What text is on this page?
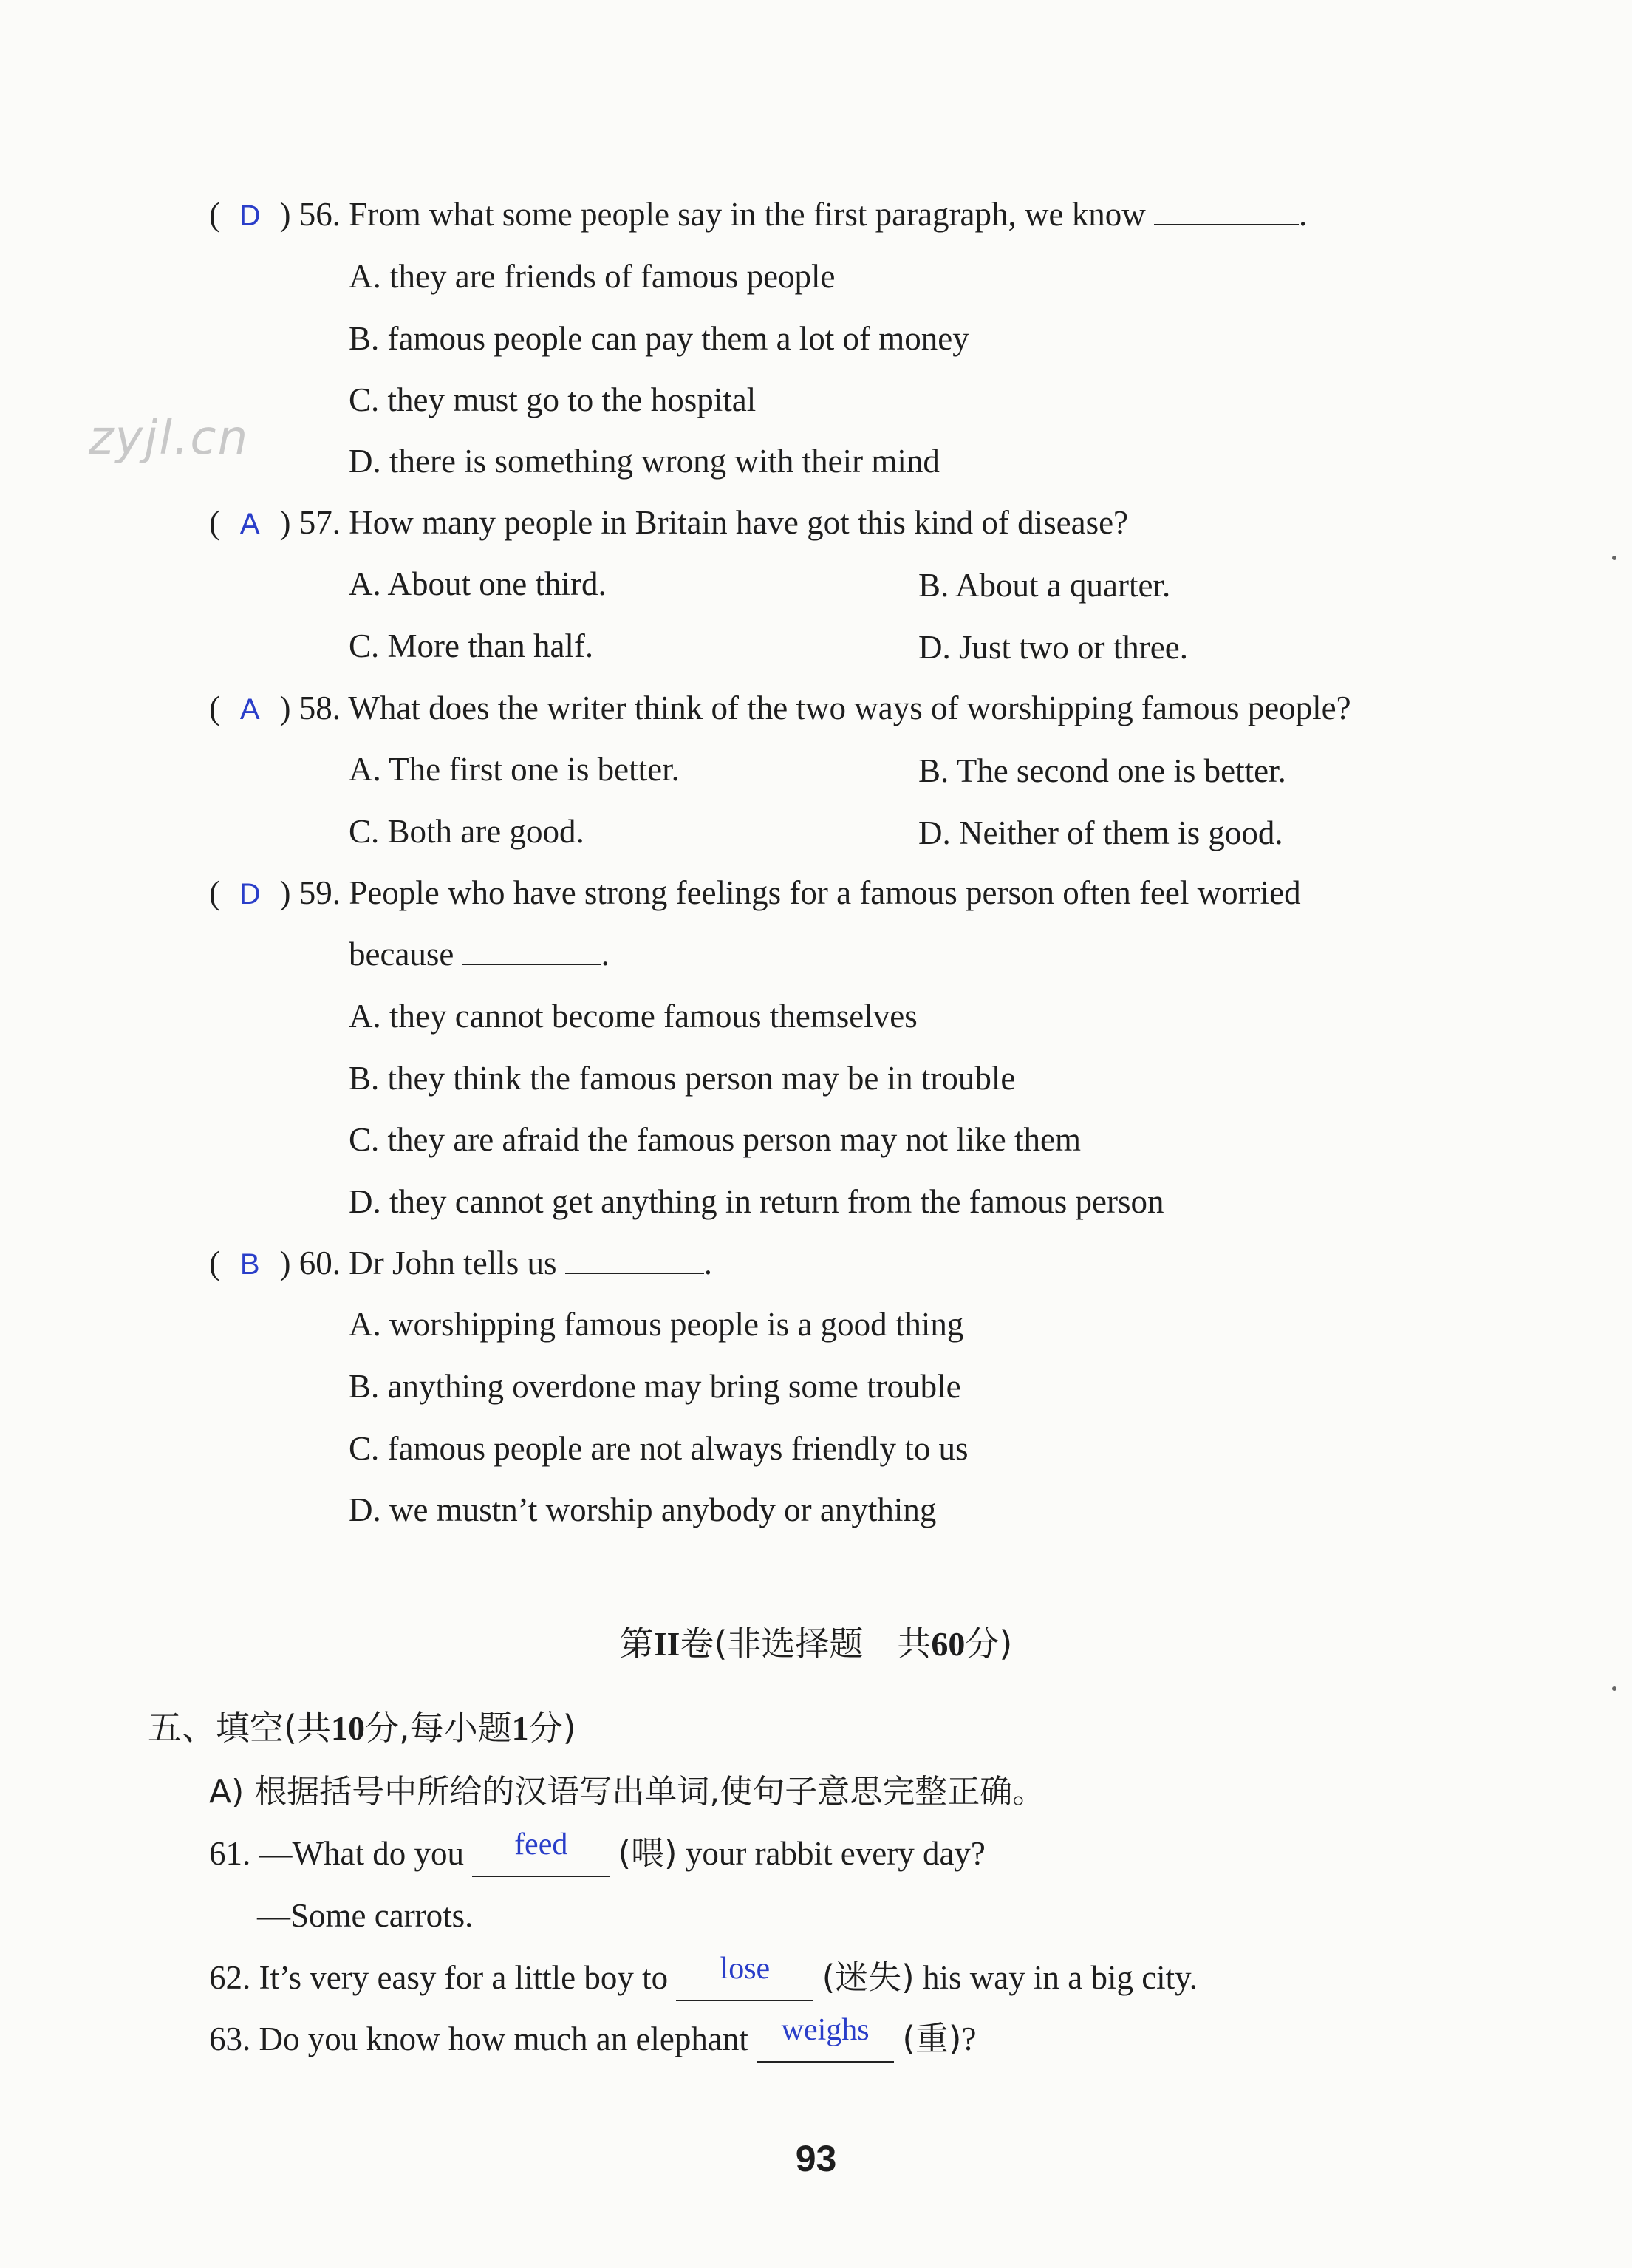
zyjl.cn
( D ) 56. From what some people say in the first paragraph, we know	.
A. they are friends of famous people
B. famous people can pay them a lot of money
C. they must go to the hospital
D. there is something wrong with their mind
( A ) 57. How many people in Britain have got this kind of disease?
A. About one third.	B. About a quarter.
C. More than half.	D. Just two or three.
( A ) 58. What does the writer think of the two ways of worshipping famous people?
A. The first one is better.	B. The second one is better.
C. Both are good.	D. Neither of them is good.
( D ) 59. People who have strong feelings for a famous person often feel worried
because	.
A. they cannot become famous themselves
B. they think the famous person may be in trouble
C. they are afraid the famous person may not like them
D. they cannot get anything in return from the famous person
( B ) 60. Dr John tells us	.
A. worshipping famous people is a good thing
B. anything overdone may bring some trouble
C. famous people are not always friendly to us
D. we mustn’t worship anybody or anything
第II卷(非选择题　共60分)
五、填空(共10分,每小题1分)
A) 根据括号中所给的汉语写出单词,使句子意思完整正确。
61. —What do you feed (喂) your rabbit every day?
—Some carrots.
62. It’s very easy for a little boy to lose (迷失) his way in a big city.
63. Do you know how much an elephant weighs (重)?
93
